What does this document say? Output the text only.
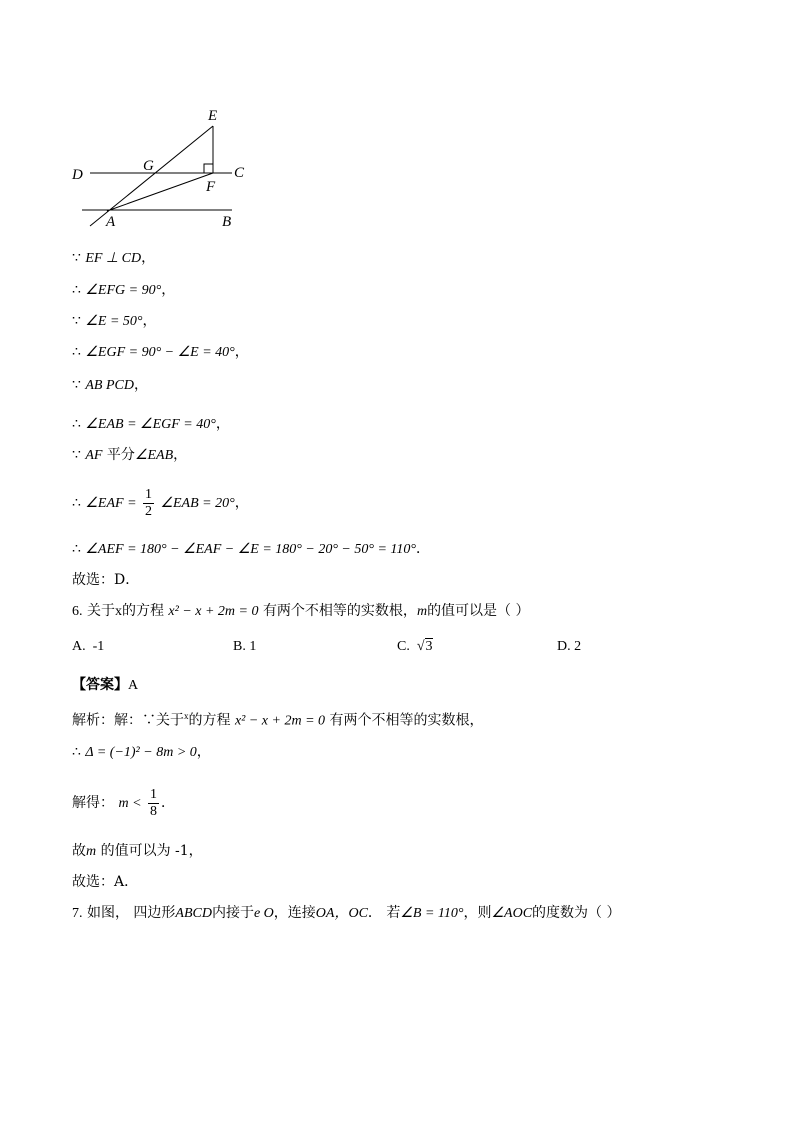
E
G
D	C
F
A	B
∵ EF ⊥ CD，
∴ ∠EFG = 90°，
∵ ∠E = 50°，
∴ ∠EGF = 90° − ∠E = 40°，
∵ AB PCD，
∴ ∠EAB = ∠EGF = 40°，
∵ AF 平分∠EAB，
∴ ∠EAF = $\frac{1}{2}$ ∠EAB = 20°，
∴ ∠AEF = 180° − ∠EAF − ∠E = 180° − 20° − 50° = 110°．
故选：D．
6. 关于x的方程 x² − x + 2m = 0 有两个不相等的实数根，m的值可以是（ ）
A. -1	B. 1	C. √3	D. 2
【答案】A
解析：解：∵关于$^x$的方程 x² − x + 2m = 0 有两个不相等的实数根，
∴ Δ = (−1)² − 8m > 0，
解得： $m < \frac{1}{8}$ ．
故m 的值可以为 -1，
故选：A．
7. 如图， 四边形ABCD内接于e O，连接OA，OC． 若∠B = 110°，则∠AOC的度数为（ ）
